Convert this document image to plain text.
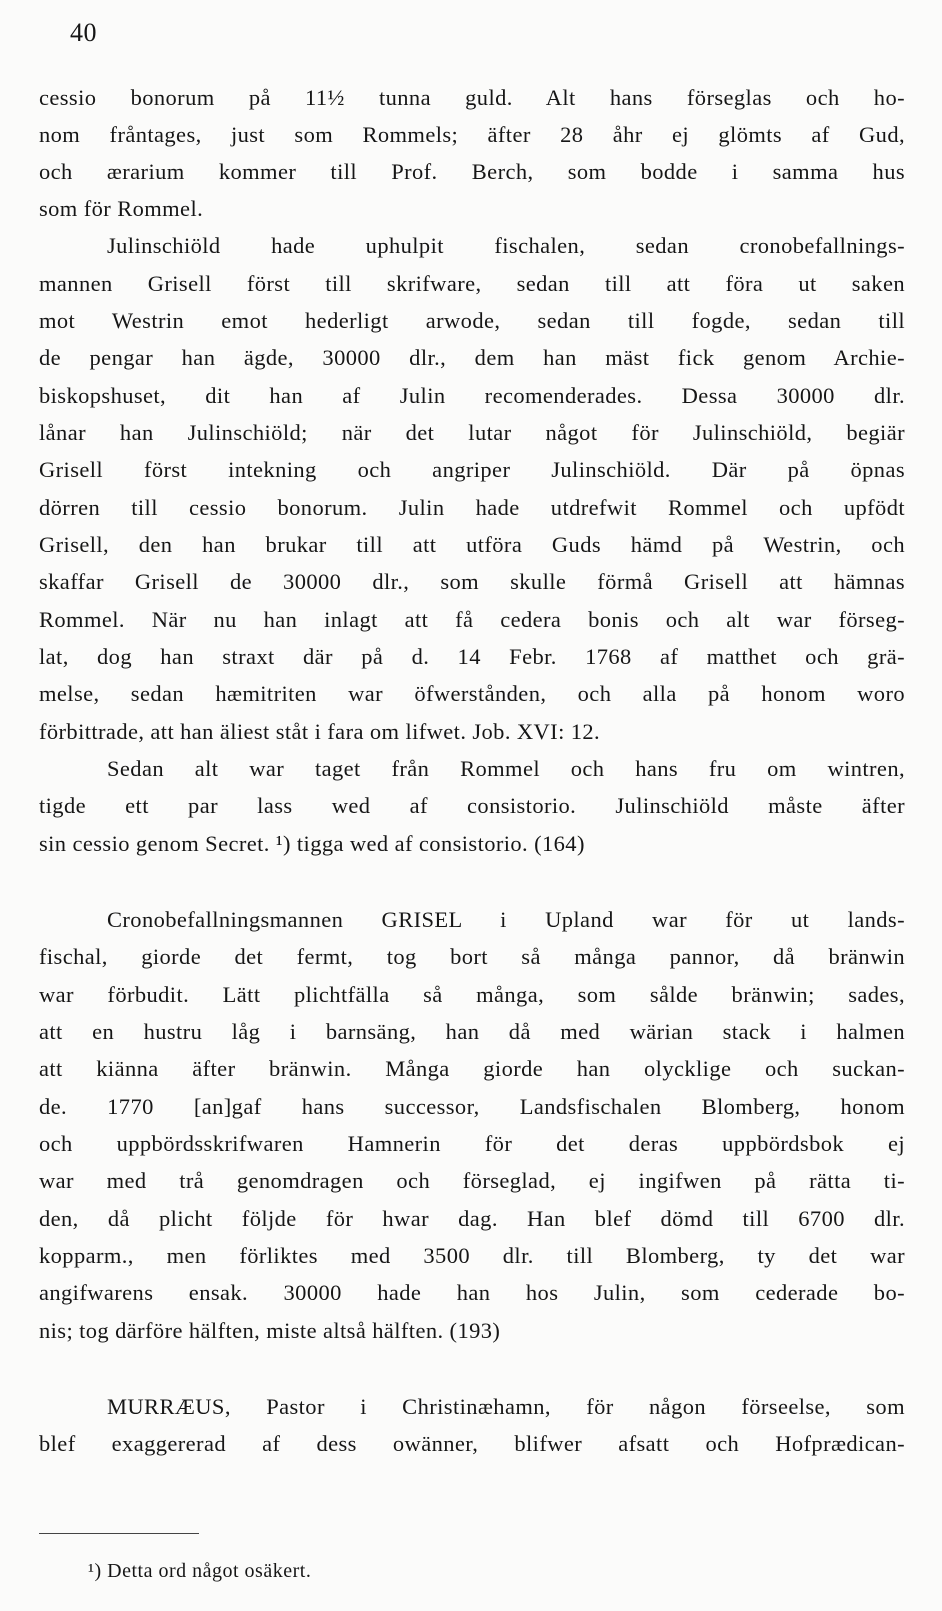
40
cessio bonorum på 11½ tunna guld. Alt hans förseglas och ho-
nom fråntages, just som Rommels; äfter 28 åhr ej glömts af Gud,
och ærarium kommer till Prof. Berch, som bodde i samma hus
som för Rommel.
Julinschiöld hade uphulpit fischalen, sedan cronobefallnings-
mannen Grisell först till skrifware, sedan till att föra ut saken
mot Westrin emot hederligt arwode, sedan till fogde, sedan till
de pengar han ägde, 30000 dlr., dem han mäst fick genom Archie-
biskopshuset, dit han af Julin recomenderades. Dessa 30000 dlr.
lånar han Julinschiöld; när det lutar något för Julinschiöld, begiär
Grisell först intekning och angriper Julinschiöld. Där på öpnas
dörren till cessio bonorum. Julin hade utdrefwit Rommel och upfödt
Grisell, den han brukar till att utföra Guds hämd på Westrin, och
skaffar Grisell de 30000 dlr., som skulle förmå Grisell att hämnas
Rommel. När nu han inlagt att få cedera bonis och alt war förseg-
lat, dog han straxt där på d. 14 Febr. 1768 af matthet och grä-
melse, sedan hæmitriten war öfwerstånden, och alla på honom woro
förbittrade, att han äliest ståt i fara om lifwet. Job. XVI: 12.
Sedan alt war taget från Rommel och hans fru om wintren,
tigde ett par lass wed af consistorio. Julinschiöld måste äfter
sin cessio genom Secret. ¹) tigga wed af consistorio. (164)
Cronobefallningsmannen GRISEL i Upland war för ut lands-
fischal, giorde det fermt, tog bort så många pannor, då bränwin
war förbudit. Lätt plichtfälla så många, som sålde bränwin; sades,
att en hustru låg i barnsäng, han då med wärian stack i halmen
att kiänna äfter bränwin. Många giorde han olycklige och suckan-
de. 1770 [an]gaf hans successor, Landsfischalen Blomberg, honom
och uppbördsskrifwaren Hamnerin för det deras uppbördsbok ej
war med trå genomdragen och förseglad, ej ingifwen på rätta ti-
den, då plicht följde för hwar dag. Han blef dömd till 6700 dlr.
kopparm., men förliktes med 3500 dlr. till Blomberg, ty det war
angifwarens ensak. 30000 hade han hos Julin, som cederade bo-
nis; tog därföre hälften, miste altså hälften. (193)
MURRÆUS, Pastor i Christinæhamn, för någon förseelse, som
blef exaggererad af dess owänner, blifwer afsatt och Hofprædican-
¹) Detta ord något osäkert.
